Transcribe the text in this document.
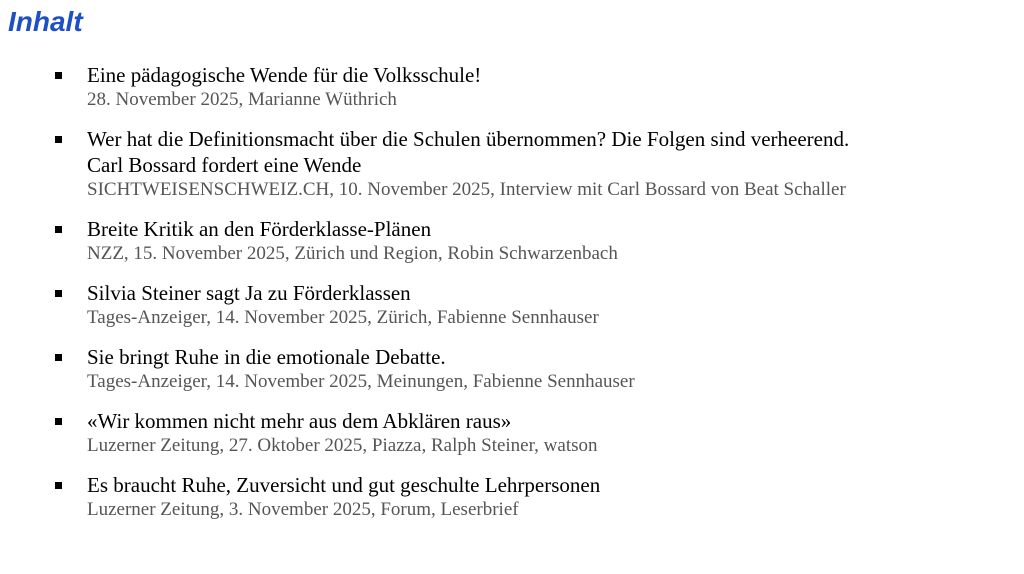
Inhalt
Eine pädagogische Wende für die Volksschule!
28. November 2025, Marianne Wüthrich
Wer hat die Definitionsmacht über die Schulen übernommen? Die Folgen sind verheerend.
Carl Bossard fordert eine Wende
SICHTWEISENSCHWEIZ.CH, 10. November 2025, Interview mit Carl Bossard von Beat Schaller
Breite Kritik an den Förderklasse-Plänen
NZZ, 15. November 2025, Zürich und Region, Robin Schwarzenbach
Silvia Steiner sagt Ja zu Förderklassen
Tages-Anzeiger, 14. November 2025, Zürich, Fabienne Sennhauser
Sie bringt Ruhe in die emotionale Debatte.
Tages-Anzeiger, 14. November 2025, Meinungen, Fabienne Sennhauser
«Wir kommen nicht mehr aus dem Abklären raus»
Luzerner Zeitung, 27. Oktober 2025, Piazza, Ralph Steiner, watson
Es braucht Ruhe, Zuversicht und gut geschulte Lehrpersonen
Luzerner Zeitung, 3. November 2025, Forum, Leserbrief
